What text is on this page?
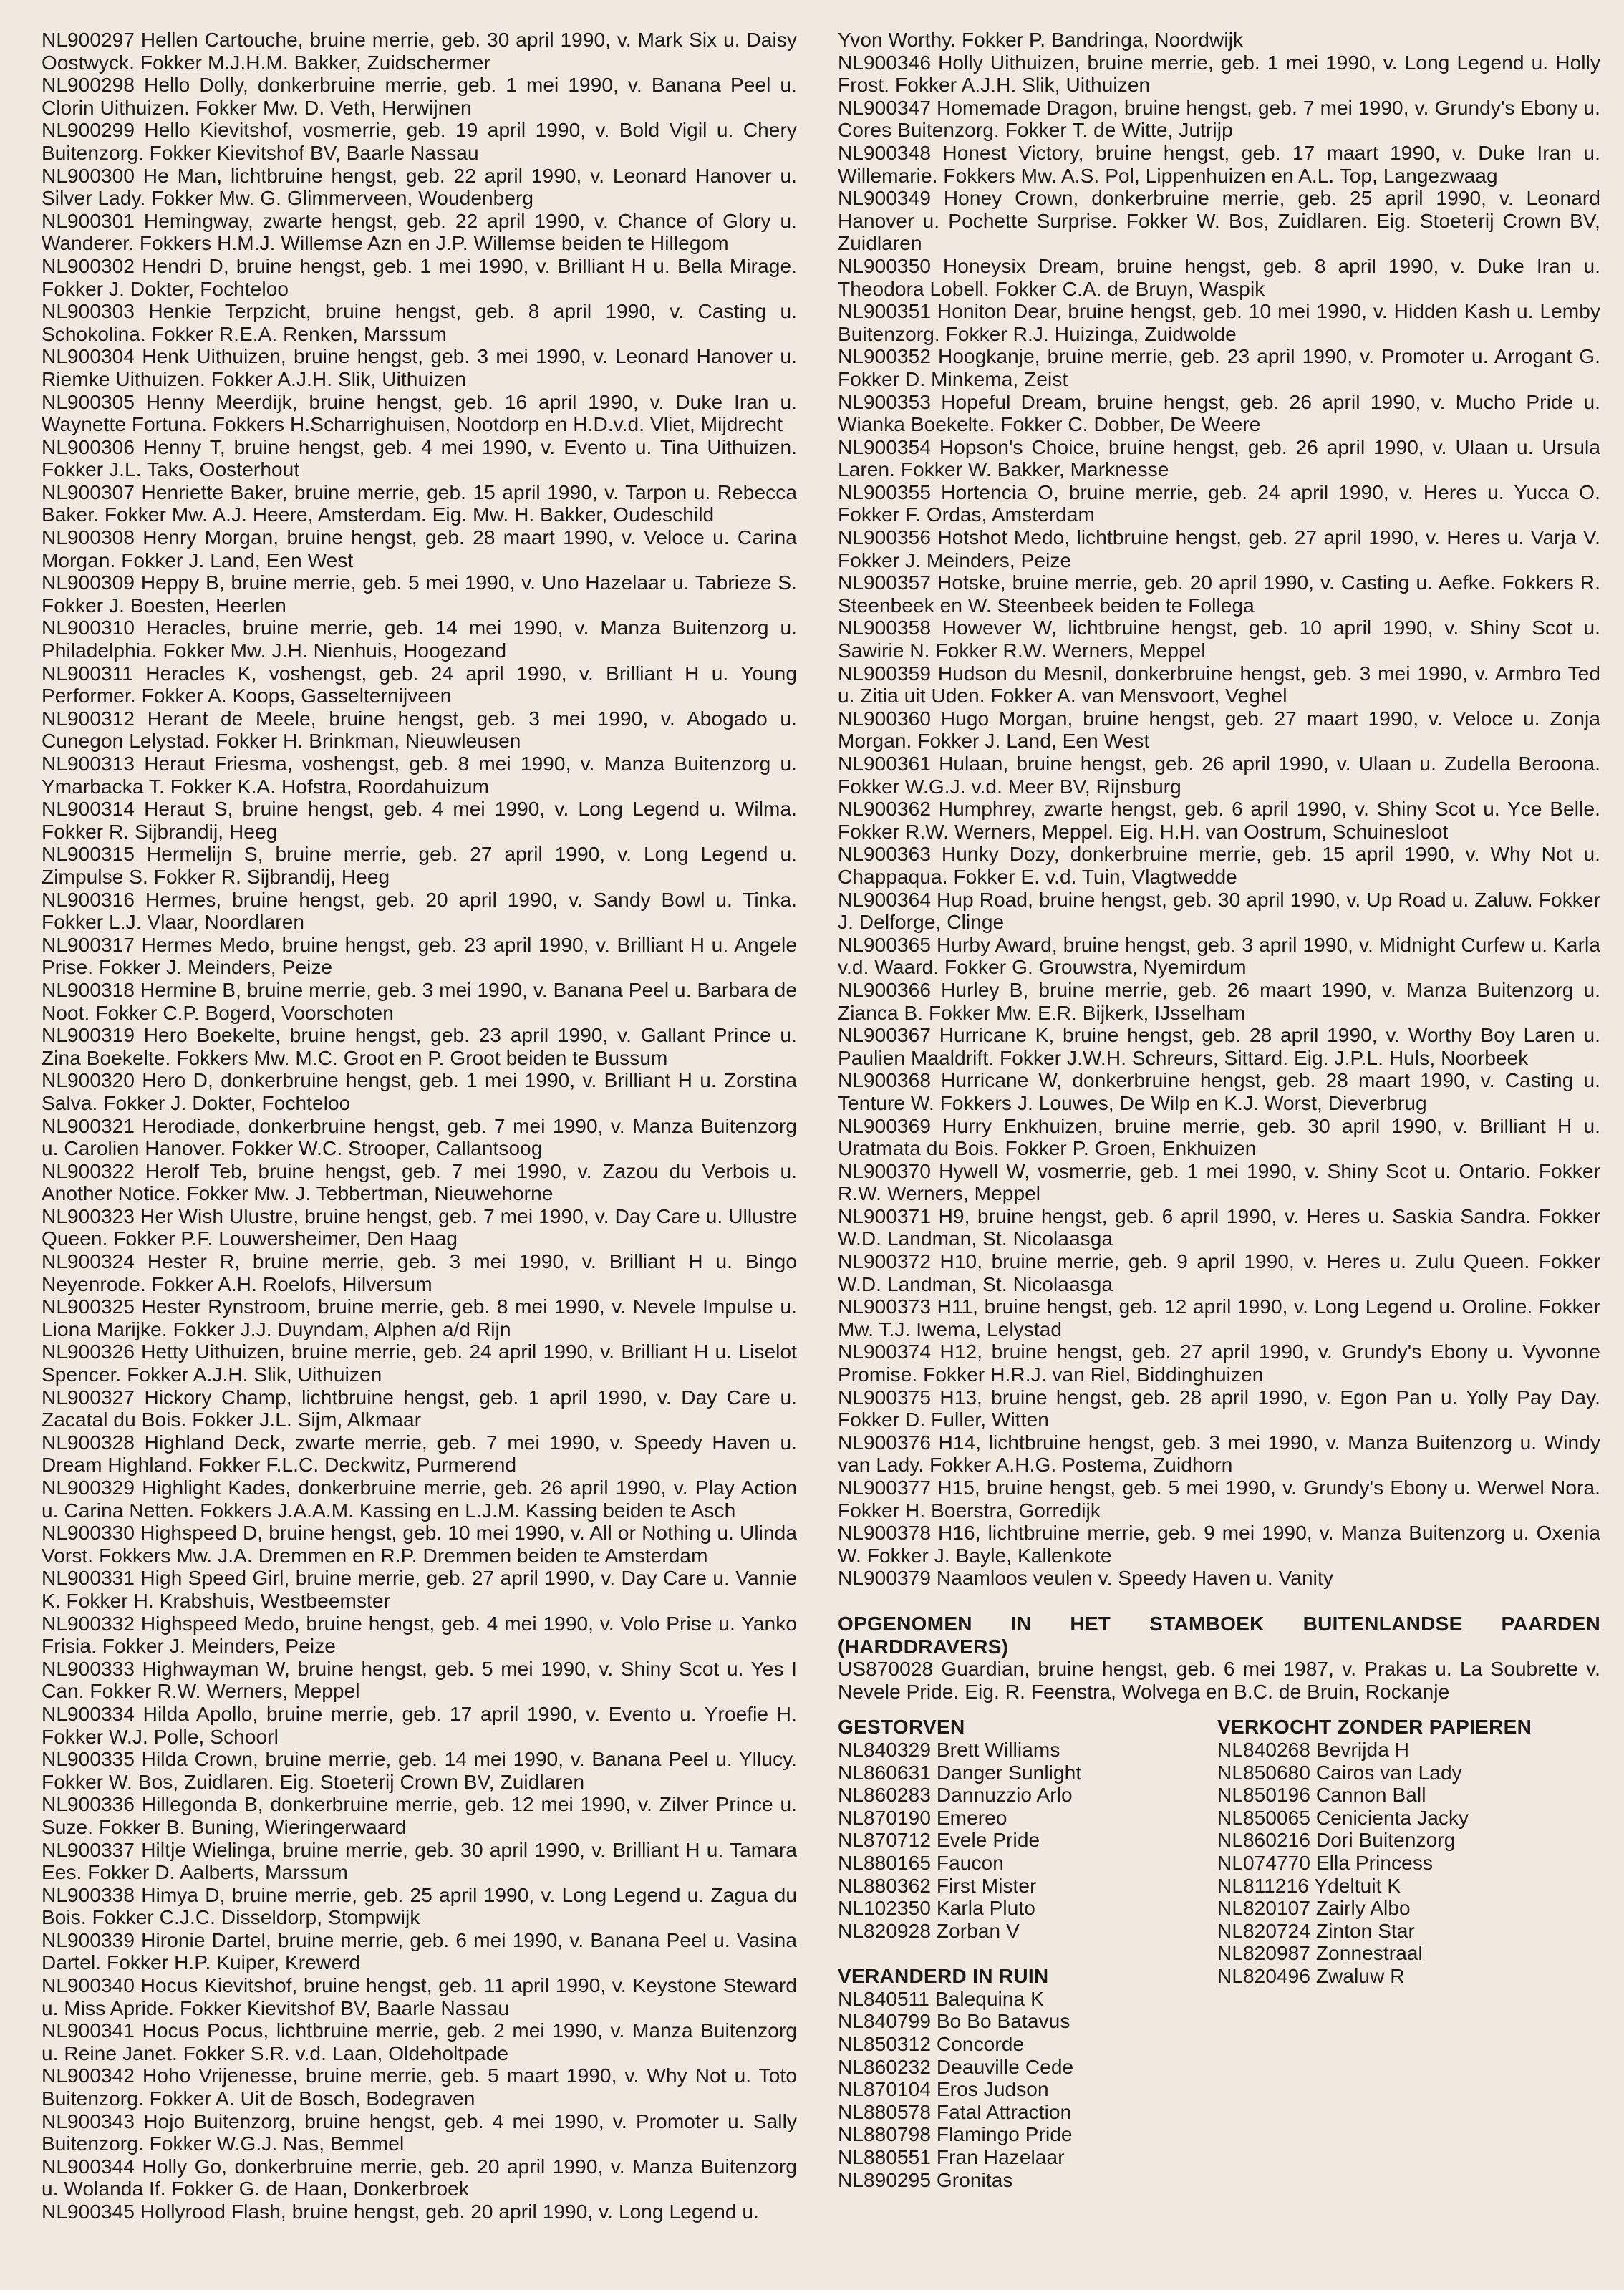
NL900297 Hellen Cartouche, bruine merrie, geb. 30 april 1990, v. Mark Six u. Daisy Oostwyck. Fokker M.J.H.M. Bakker, Zuidschermer

NL900298 Hello Dolly, donkerbruine merrie, geb. 1 mei 1990, v. Banana Peel u. Clorin Uithuizen. Fokker Mw. D. Veth, Herwijnen

NL900299 Hello Kievitshof, vosmerrie, geb. 19 april 1990, v. Bold Vigil u. Chery Buitenzorg. Fokker Kievitshof BV, Baarle Nassau

NL900300 He Man, lichtbruine hengst, geb. 22 april 1990, v. Leonard Hanover u. Silver Lady. Fokker Mw. G. Glimmerveen, Woudenberg

NL900301 Hemingway, zwarte hengst, geb. 22 april 1990, v. Chance of Glory u. Wanderer. Fokkers H.M.J. Willemse Azn en J.P. Willemse beiden te Hillegom

NL900302 Hendri D, bruine hengst, geb. 1 mei 1990, v. Brilliant H u. Bella Mirage. Fokker J. Dokter, Fochteloo

NL900303 Henkie Terpzicht, bruine hengst, geb. 8 april 1990, v. Casting u. Schokolina. Fokker R.E.A. Renken, Marssum

NL900304 Henk Uithuizen, bruine hengst, geb. 3 mei 1990, v. Leonard Hanover u. Riemke Uithuizen. Fokker A.J.H. Slik, Uithuizen

NL900305 Henny Meerdijk, bruine hengst, geb. 16 april 1990, v. Duke Iran u. Waynette Fortuna. Fokkers H.Scharrighuisen, Nootdorp en H.D.v.d. Vliet, Mijdrecht

NL900306 Henny T, bruine hengst, geb. 4 mei 1990, v. Evento u. Tina Uithuizen. Fokker J.L. Taks, Oosterhout

NL900307 Henriette Baker, bruine merrie, geb. 15 april 1990, v. Tarpon u. Rebecca Baker. Fokker Mw. A.J. Heere, Amsterdam. Eig. Mw. H. Bakker, Oudeschild

NL900308 Henry Morgan, bruine hengst, geb. 28 maart 1990, v. Veloce u. Carina Morgan. Fokker J. Land, Een West

NL900309 Heppy B, bruine merrie, geb. 5 mei 1990, v. Uno Hazelaar u. Tabrieze S. Fokker J. Boesten, Heerlen

NL900310 Heracles, bruine merrie, geb. 14 mei 1990, v. Manza Buitenzorg u. Philadelphia. Fokker Mw. J.H. Nienhuis, Hoogezand

NL900311 Heracles K, voshengst, geb. 24 april 1990, v. Brilliant H u. Young Performer. Fokker A. Koops, Gasselternijveen

NL900312 Herant de Meele, bruine hengst, geb. 3 mei 1990, v. Abogado u. Cunegon Lelystad. Fokker H. Brinkman, Nieuwleusen

NL900313 Heraut Friesma, voshengst, geb. 8 mei 1990, v. Manza Buitenzorg u. Ymarbacka T. Fokker K.A. Hofstra, Roordahuizum

NL900314 Heraut S, bruine hengst, geb. 4 mei 1990, v. Long Legend u. Wilma. Fokker R. Sijbrandij, Heeg

NL900315 Hermelijn S, bruine merrie, geb. 27 april 1990, v. Long Legend u. Zimpulse S. Fokker R. Sijbrandij, Heeg

NL900316 Hermes, bruine hengst, geb. 20 april 1990, v. Sandy Bowl u. Tinka. Fokker L.J. Vlaar, Noordlaren

NL900317 Hermes Medo, bruine hengst, geb. 23 april 1990, v. Brilliant H u. Angele Prise. Fokker J. Meinders, Peize

NL900318 Hermine B, bruine merrie, geb. 3 mei 1990, v. Banana Peel u. Barbara de Noot. Fokker C.P. Bogerd, Voorschoten

NL900319 Hero Boekelte, bruine hengst, geb. 23 april 1990, v. Gallant Prince u. Zina Boekelte. Fokkers Mw. M.C. Groot en P. Groot beiden te Bussum

NL900320 Hero D, donkerbruine hengst, geb. 1 mei 1990, v. Brilliant H u. Zorstina Salva. Fokker J. Dokter, Fochteloo

NL900321 Herodiade, donkerbruine hengst, geb. 7 mei 1990, v. Manza Buitenzorg u. Carolien Hanover. Fokker W.C. Strooper, Callantsoog

NL900322 Herolf Teb, bruine hengst, geb. 7 mei 1990, v. Zazou du Verbois u. Another Notice. Fokker Mw. J. Tebbertman, Nieuwehorne

NL900323 Her Wish Ulustre, bruine hengst, geb. 7 mei 1990, v. Day Care u. Ullustre Queen. Fokker P.F. Louwersheimer, Den Haag

NL900324 Hester R, bruine merrie, geb. 3 mei 1990, v. Brilliant H u. Bingo Neyenrode. Fokker A.H. Roelofs, Hilversum

NL900325 Hester Rynstroom, bruine merrie, geb. 8 mei 1990, v. Nevele Impulse u. Liona Marijke. Fokker J.J. Duyndam, Alphen a/d Rijn

NL900326 Hetty Uithuizen, bruine merrie, geb. 24 april 1990, v. Brilliant H u. Liselot Spencer. Fokker A.J.H. Slik, Uithuizen

NL900327 Hickory Champ, lichtbruine hengst, geb. 1 april 1990, v. Day Care u. Zacatal du Bois. Fokker J.L. Sijm, Alkmaar

NL900328 Highland Deck, zwarte merrie, geb. 7 mei 1990, v. Speedy Haven u. Dream Highland. Fokker F.L.C. Deckwitz, Purmerend

NL900329 Highlight Kades, donkerbruine merrie, geb. 26 april 1990, v. Play Action u. Carina Netten. Fokkers J.A.A.M. Kassing en L.J.M. Kassing beiden te Asch

NL900330 Highspeed D, bruine hengst, geb. 10 mei 1990, v. All or Nothing u. Ulinda Vorst. Fokkers Mw. J.A. Dremmen en R.P. Dremmen beiden te Amsterdam

NL900331 High Speed Girl, bruine merrie, geb. 27 april 1990, v. Day Care u. Vannie K. Fokker H. Krabshuis, Westbeemster

NL900332 Highspeed Medo, bruine hengst, geb. 4 mei 1990, v. Volo Prise u. Yanko Frisia. Fokker J. Meinders, Peize

NL900333 Highwayman W, bruine hengst, geb. 5 mei 1990, v. Shiny Scot u. Yes I Can. Fokker R.W. Werners, Meppel

NL900334 Hilda Apollo, bruine merrie, geb. 17 april 1990, v. Evento u. Yroefie H. Fokker W.J. Polle, Schoorl

NL900335 Hilda Crown, bruine merrie, geb. 14 mei 1990, v. Banana Peel u. Yllucy. Fokker W. Bos, Zuidlaren. Eig. Stoeterij Crown BV, Zuidlaren

NL900336 Hillegonda B, donkerbruine merrie, geb. 12 mei 1990, v. Zilver Prince u. Suze. Fokker B. Buning, Wieringerwaard

NL900337 Hiltje Wielinga, bruine merrie, geb. 30 april 1990, v. Brilliant H u. Tamara Ees. Fokker D. Aalberts, Marssum

NL900338 Himya D, bruine merrie, geb. 25 april 1990, v. Long Legend u. Zagua du Bois. Fokker C.J.C. Disseldorp, Stompwijk

NL900339 Hironie Dartel, bruine merrie, geb. 6 mei 1990, v. Banana Peel u. Vasina Dartel. Fokker H.P. Kuiper, Krewerd

NL900340 Hocus Kievitshof, bruine hengst, geb. 11 april 1990, v. Keystone Steward u. Miss Apride. Fokker Kievitshof BV, Baarle Nassau

NL900341 Hocus Pocus, lichtbruine merrie, geb. 2 mei 1990, v. Manza Buitenzorg u. Reine Janet. Fokker S.R. v.d. Laan, Oldeholtpade

NL900342 Hoho Vrijenesse, bruine merrie, geb. 5 maart 1990, v. Why Not u. Toto Buitenzorg. Fokker A. Uit de Bosch, Bodegraven

NL900343 Hojo Buitenzorg, bruine hengst, geb. 4 mei 1990, v. Promoter u. Sally Buitenzorg. Fokker W.G.J. Nas, Bemmel

NL900344 Holly Go, donkerbruine merrie, geb. 20 april 1990, v. Manza Buitenzorg u. Wolanda If. Fokker G. de Haan, Donkerbroek

NL900345 Hollyrood Flash, bruine hengst, geb. 20 april 1990, v. Long Legend u.

Yvon Worthy. Fokker P. Bandringa, Noordwijk

NL900346 Holly Uithuizen, bruine merrie, geb. 1 mei 1990, v. Long Legend u. Holly Frost. Fokker A.J.H. Slik, Uithuizen

NL900347 Homemade Dragon, bruine hengst, geb. 7 mei 1990, v. Grundy's Ebony u. Cores Buitenzorg. Fokker T. de Witte, Jutrijp

NL900348 Honest Victory, bruine hengst, geb. 17 maart 1990, v. Duke Iran u. Willemarie. Fokkers Mw. A.S. Pol, Lippenhuizen en A.L. Top, Langezwaag

NL900349 Honey Crown, donkerbruine merrie, geb. 25 april 1990, v. Leonard Hanover u. Pochette Surprise. Fokker W. Bos, Zuidlaren. Eig. Stoeterij Crown BV, Zuidlaren

NL900350 Honeysix Dream, bruine hengst, geb. 8 april 1990, v. Duke Iran u. Theodora Lobell. Fokker C.A. de Bruyn, Waspik

NL900351 Honiton Dear, bruine hengst, geb. 10 mei 1990, v. Hidden Kash u. Lemby Buitenzorg. Fokker R.J. Huizinga, Zuidwolde

NL900352 Hoogkanje, bruine merrie, geb. 23 april 1990, v. Promoter u. Arrogant G. Fokker D. Minkema, Zeist

NL900353 Hopeful Dream, bruine hengst, geb. 26 april 1990, v. Mucho Pride u. Wianka Boekelte. Fokker C. Dobber, De Weere

NL900354 Hopson's Choice, bruine hengst, geb. 26 april 1990, v. Ulaan u. Ursula Laren. Fokker W. Bakker, Marknesse

NL900355 Hortencia O, bruine merrie, geb. 24 april 1990, v. Heres u. Yucca O. Fokker F. Ordas, Amsterdam

NL900356 Hotshot Medo, lichtbruine hengst, geb. 27 april 1990, v. Heres u. Varja V. Fokker J. Meinders, Peize

NL900357 Hotske, bruine merrie, geb. 20 april 1990, v. Casting u. Aefke. Fokkers R. Steenbeek en W. Steenbeek beiden te Follega

NL900358 However W, lichtbruine hengst, geb. 10 april 1990, v. Shiny Scot u. Sawirie N. Fokker R.W. Werners, Meppel

NL900359 Hudson du Mesnil, donkerbruine hengst, geb. 3 mei 1990, v. Armbro Ted u. Zitia uit Uden. Fokker A. van Mensvoort, Veghel

NL900360 Hugo Morgan, bruine hengst, geb. 27 maart 1990, v. Veloce u. Zonja Morgan. Fokker J. Land, Een West

NL900361 Hulaan, bruine hengst, geb. 26 april 1990, v. Ulaan u. Zudella Beroona. Fokker W.G.J. v.d. Meer BV, Rijnsburg

NL900362 Humphrey, zwarte hengst, geb. 6 april 1990, v. Shiny Scot u. Yce Belle. Fokker R.W. Werners, Meppel. Eig. H.H. van Oostrum, Schuinesloot

NL900363 Hunky Dozy, donkerbruine merrie, geb. 15 april 1990, v. Why Not u. Chappaqua. Fokker E. v.d. Tuin, Vlagtwedde

NL900364 Hup Road, bruine hengst, geb. 30 april 1990, v. Up Road u. Zaluw. Fokker J. Delforge, Clinge

NL900365 Hurby Award, bruine hengst, geb. 3 april 1990, v. Midnight Curfew u. Karla v.d. Waard. Fokker G. Grouwstra, Nyemirdum

NL900366 Hurley B, bruine merrie, geb. 26 maart 1990, v. Manza Buitenzorg u. Zianca B. Fokker Mw. E.R. Bijkerk, IJsselham

NL900367 Hurricane K, bruine hengst, geb. 28 april 1990, v. Worthy Boy Laren u. Paulien Maaldrift. Fokker J.W.H. Schreurs, Sittard. Eig. J.P.L. Huls, Noorbeek

NL900368 Hurricane W, donkerbruine hengst, geb. 28 maart 1990, v. Casting u. Tenture W. Fokkers J. Louwes, De Wilp en K.J. Worst, Dieverbrug

NL900369 Hurry Enkhuizen, bruine merrie, geb. 30 april 1990, v. Brilliant H u. Uratmata du Bois. Fokker P. Groen, Enkhuizen

NL900370 Hywell W, vosmerrie, geb. 1 mei 1990, v. Shiny Scot u. Ontario. Fokker R.W. Werners, Meppel

NL900371 H9, bruine hengst, geb. 6 april 1990, v. Heres u. Saskia Sandra. Fokker W.D. Landman, St. Nicolaasga

NL900372 H10, bruine merrie, geb. 9 april 1990, v. Heres u. Zulu Queen. Fokker W.D. Landman, St. Nicolaasga

NL900373 H11, bruine hengst, geb. 12 april 1990, v. Long Legend u. Oroline. Fokker Mw. T.J. Iwema, Lelystad

NL900374 H12, bruine hengst, geb. 27 april 1990, v. Grundy's Ebony u. Vyvonne Promise. Fokker H.R.J. van Riel, Biddinghuizen

NL900375 H13, bruine hengst, geb. 28 april 1990, v. Egon Pan u. Yolly Pay Day. Fokker D. Fuller, Witten

NL900376 H14, lichtbruine hengst, geb. 3 mei 1990, v. Manza Buitenzorg u. Windy van Lady. Fokker A.H.G. Postema, Zuidhorn

NL900377 H15, bruine hengst, geb. 5 mei 1990, v. Grundy's Ebony u. Werwel Nora. Fokker H. Boerstra, Gorredijk

NL900378 H16, lichtbruine merrie, geb. 9 mei 1990, v. Manza Buitenzorg u. Oxenia W. Fokker J. Bayle, Kallenkote

NL900379 Naamloos veulen v. Speedy Haven u. Vanity

OPGENOMEN IN HET STAMBOEK BUITENLANDSE PAARDEN (HARDDRAVERS)

US870028 Guardian, bruine hengst, geb. 6 mei 1987, v. Prakas u. La Soubrette v. Nevele Pride. Eig. R. Feenstra, Wolvega en B.C. de Bruin, Rockanje

GESTORVEN

NL840329 Brett Williams

NL860631 Danger Sunlight

NL860283 Dannuzzio Arlo

NL870190 Emereo

NL870712 Evele Pride

NL880165 Faucon

NL880362 First Mister

NL102350 Karla Pluto

NL820928 Zorban V

VERANDERD IN RUIN

NL840511 Balequina K

NL840799 Bo Bo Batavus

NL850312 Concorde

NL860232 Deauville Cede

NL870104 Eros Judson

NL880578 Fatal Attraction

NL880798 Flamingo Pride

NL880551 Fran Hazelaar

NL890295 Gronitas

VERKOCHT ZONDER PAPIEREN

NL840268 Bevrijda H

NL850680 Cairos van Lady

NL850196 Cannon Ball

NL850065 Cenicienta Jacky

NL860216 Dori Buitenzorg

NL074770 Ella Princess

NL811216 Ydeltuit K

NL820107 Zairly Albo

NL820724 Zinton Star

NL820987 Zonnestraal

NL820496 Zwaluw R
